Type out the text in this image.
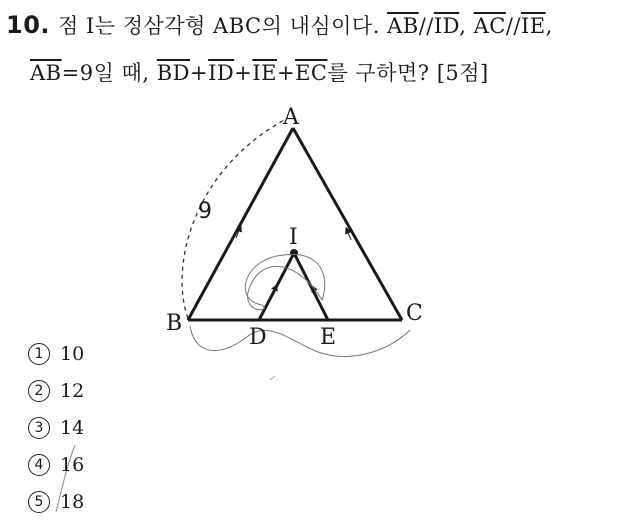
10. 점 I는 정삼각형 ABC의 내심이다. $\overline{AB}//\overline{ID}$, $\overline{AC}//\overline{IE}$,
$\overline{AB}=9$일 때, $\overline{BD}+\overline{ID}+\overline{IE}+\overline{EC}$를 구하면? [5점]
A
B	C
D E
I
9
1 10
2 12
3 14
4 16
5 18
